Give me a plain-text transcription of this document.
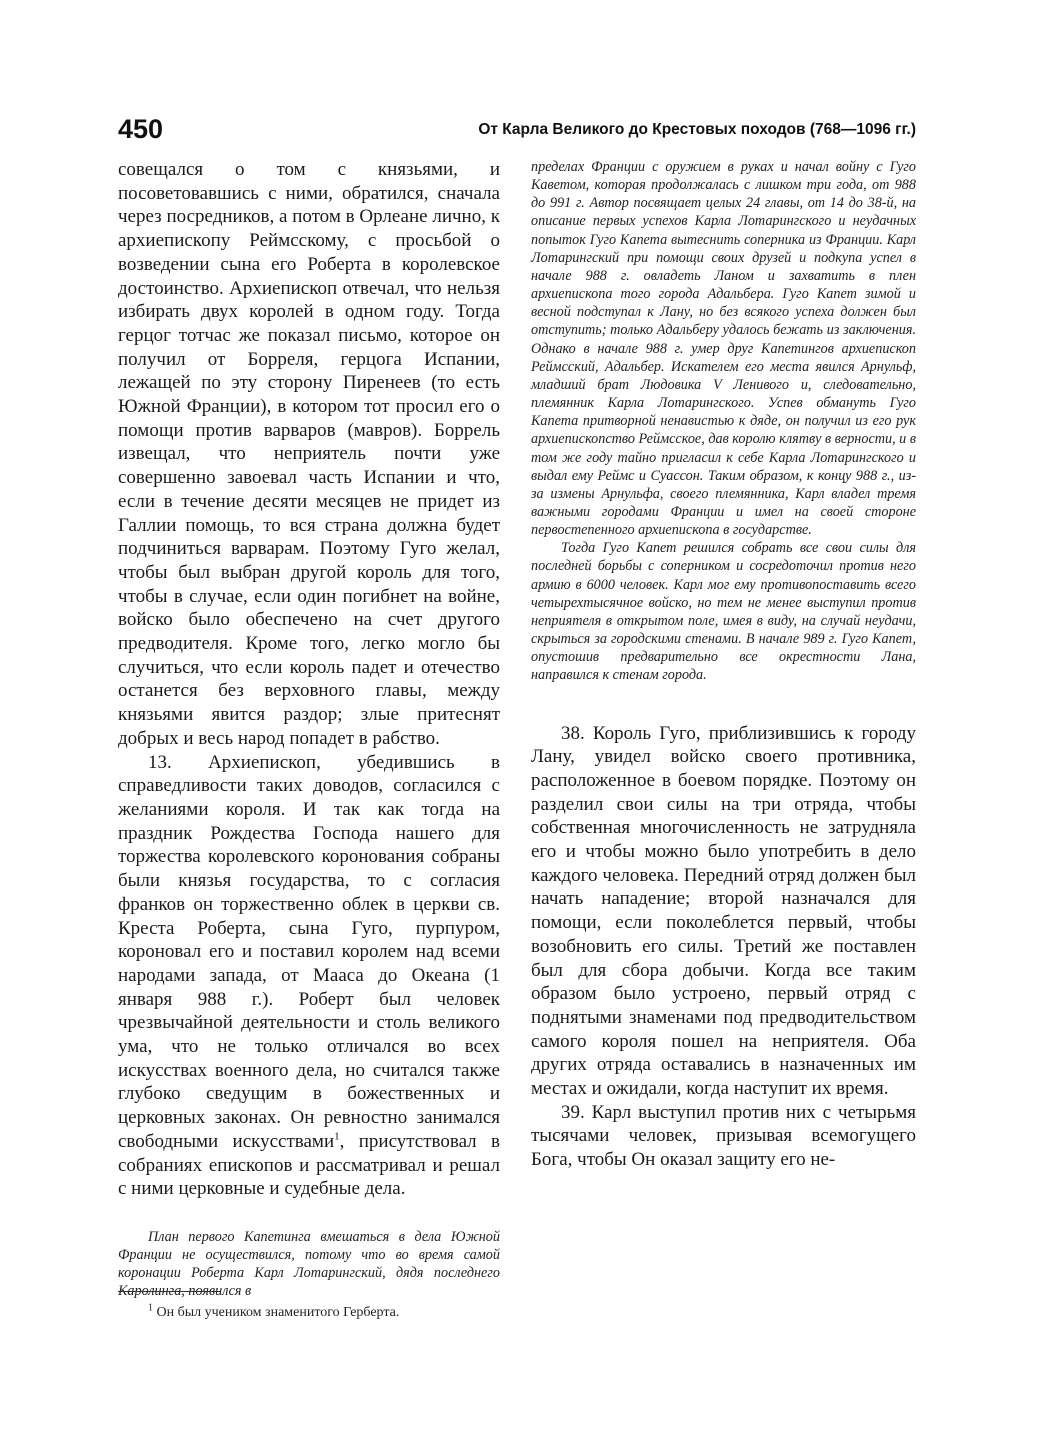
450	От Карла Великого до Крестовых походов (768—1096 гг.)

совещался о том с князьями, и посоветовавшись с ними, обратился, сначала через посредников, а потом в Орлеане лично, к архиепископу Реймсскому, с просьбой о возведении сына его Роберта в королевское достоинство. Архиепископ отвечал, что нельзя избирать двух королей в одном году. Тогда герцог тотчас же показал письмо, которое он получил от Борреля, герцога Испании, лежащей по эту сторону Пиренеев (то есть Южной Франции), в котором тот просил его о помощи против варваров (мавров). Боррель извещал, что неприятель почти уже совершенно завоевал часть Испании и что, если в течение десяти месяцев не придет из Галлии помощь, то вся страна должна будет подчиниться варварам. Поэтому Гуго желал, чтобы был выбран другой король для того, чтобы в случае, если один погибнет на войне, войско было обеспечено на счет другого предводителя. Кроме того, легко могло бы случиться, что если король падет и отечество останется без верховного главы, между князьями явится раздор; злые притеснят добрых и весь народ попадет в рабство.

13. Архиепископ, убедившись в справедливости таких доводов, согласился с желаниями короля. И так как тогда на праздник Рождества Господа нашего для торжества королевского коронования собраны были князья государства, то с согласия франков он торжественно облек в церкви св. Креста Роберта, сына Гуго, пурпуром, короновал его и поставил королем над всеми народами запада, от Мааса до Океана (1 января 988 г.). Роберт был человек чрезвычайной деятельности и столь великого ума, что не только отличался во всех искусствах военного дела, но считался также глубоко сведущим в божественных и церковных законах. Он ревностно занимался свободными искусствами$^1$, присутствовал в собраниях епископов и рассматривал и решал с ними церковные и судебные дела.

План первого Капетинга вмешаться в дела Южной Франции не осуществился, потому что во время самой коронации Роберта Карл Лотарингский, дядя последнего Каролинга, появился в

пределах Франции с оружием в руках и начал войну с Гуго Каветом, которая продолжалась с лишком три года, от 988 до 991 г. Автор посвящает целых 24 главы, от 14 до 38-й, на описание первых успехов Карла Лотарингского и неудачных попыток Гуго Капета вытеснить соперника из Франции. Карл Лотарингский при помощи своих друзей и подкупа успел в начале 988 г. овладеть Ланом и захватить в плен архиепископа того города Адальбера. Гуго Капет зимой и весной подступал к Лану, но без всякого успеха должен был отступить; только Адальберу удалось бежать из заключения. Однако в начале 988 г. умер друг Капетингов архиепископ Реймсский, Адальбер. Искателем его места явился Арнульф, младший брат Людовика V Ленивого и, следовательно, племянник Карла Лотарингского. Успев обмануть Гуго Капета притворной ненавистью к дяде, он получил из его рук архиепископство Реймсское, дав королю клятву в верности, и в том же году тайно пригласил к себе Карла Лотарингского и выдал ему Реймс и Суассон. Таким образом, к концу 988 г., из-за измены Арнульфа, своего племянника, Карл владел тремя важными городами Франции и имел на своей стороне первостепенного архиепископа в государстве.

Тогда Гуго Капет решился собрать все свои силы для последней борьбы с соперником и сосредоточил против него армию в 6000 человек. Карл мог ему противопоставить всего четырехтысячное войско, но тем не менее выступил против неприятеля в открытом поле, имея в виду, на случай неудачи, скрыться за городскими стенами. В начале 989 г. Гуго Капет, опустошив предварительно все окрестности Лана, направился к стенам города.

38. Король Гуго, приблизившись к городу Лану, увидел войско своего противника, расположенное в боевом порядке. Поэтому он разделил свои силы на три отряда, чтобы собственная многочисленность не затрудняла его и чтобы можно было употребить в дело каждого человека. Передний отряд должен был начать нападение; второй назначался для помощи, если поколеблется первый, чтобы возобновить его силы. Третий же поставлен был для сбора добычи. Когда все таким образом было устроено, первый отряд с поднятыми знаменами под предводительством самого короля пошел на неприятеля. Оба других отряда оставались в назначенных им местах и ожидали, когда наступит их время.

39. Карл выступил против них с четырьмя тысячами человек, призывая всемогущего Бога, чтобы Он оказал защиту его не-

$^1$ Он был учеником знаменитого Герберта.
